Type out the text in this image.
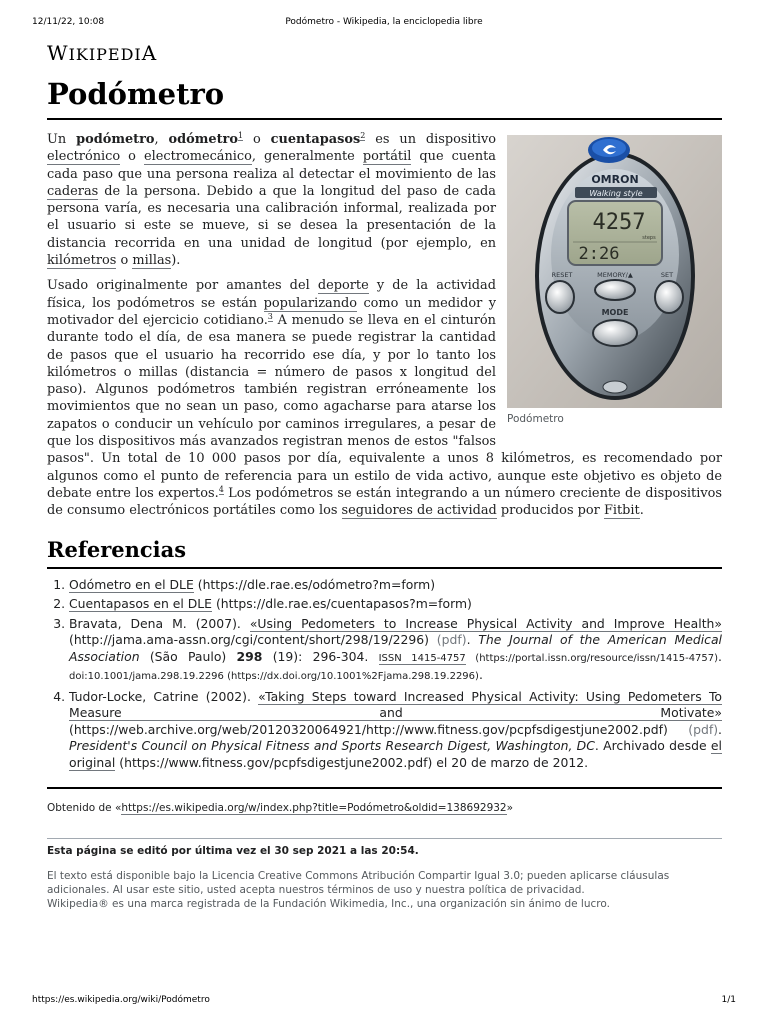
12/11/22, 10:08	Podómetro - Wikipedia, la enciclopedia libre
WIKIPEDIA
Podómetro
OMRON
Walking style
4257
steps
2:26
RESET	MEMORY/▲	SET
MODE
Podómetro

Un podómetro, odómetro$^1$ o cuentapasos$^2$ es un dispositivo electrónico o electromecánico, generalmente portátil que cuenta cada paso que una persona realiza al detectar el movimiento de las caderas de la persona. Debido a que la longitud del paso de cada persona varía, es necesaria una calibración informal, realizada por el usuario si este se mueve, si se desea la presentación de la distancia recorrida en una unidad de longitud (por ejemplo, en kilómetros o millas).

Usado originalmente por amantes del deporte y de la actividad física, los podómetros se están popularizando como un medidor y motivador del ejercicio cotidiano.$^3$ A menudo se lleva en el cinturón durante todo el día, de esa manera se puede registrar la cantidad de pasos que el usuario ha recorrido ese día, y por lo tanto los kilómetros o millas (distancia = número de pasos x longitud del paso). Algunos podómetros también registran erróneamente los movimientos que no sean un paso, como agacharse para atarse los zapatos o conducir un vehículo por caminos irregulares, a pesar de que los dispositivos más avanzados registran menos de estos "falsos pasos". Un total de 10 000 pasos por día, equivalente a unos 8 kilómetros, es recomendado por algunos como el punto de referencia para un estilo de vida activo, aunque este objetivo es objeto de debate entre los expertos.$^4$ Los podómetros se están integrando a un número creciente de dispositivos de consumo electrónicos portátiles como los seguidores de actividad producidos por Fitbit.

Referencias
1. Odómetro en el DLE (https://dle.rae.es/odómetro?m=form)
2. Cuentapasos en el DLE (https://dle.rae.es/cuentapasos?m=form)
3. Bravata, Dena M. (2007). «Using Pedometers to Increase Physical Activity and Improve Health» (http://jama.ama-assn.org/cgi/content/short/298/19/2296) (pdf). The Journal of the American Medical Association (São Paulo) 298 (19): 296-304. ISSN 1415-4757 (https://portal.issn.org/resource/issn/1415-4757). doi:10.1001/jama.298.19.2296 (https://dx.doi.org/10.1001%2Fjama.298.19.2296).
4. Tudor-Locke, Catrine (2002). «Taking Steps toward Increased Physical Activity: Using Pedometers To Measure and Motivate» (https://web.archive.org/web/20120320064921/http://www.fitness.gov/pcpfsdigestjune2002.pdf) (pdf). President's Council on Physical Fitness and Sports Research Digest, Washington, DC. Archivado desde el original (https://www.fitness.gov/pcpfsdigestjune2002.pdf) el 20 de marzo de 2012.
Obtenido de «https://es.wikipedia.org/w/index.php?title=Podómetro&oldid=138692932»
Esta página se editó por última vez el 30 sep 2021 a las 20:54.

El texto está disponible bajo la Licencia Creative Commons Atribución Compartir Igual 3.0; pueden aplicarse cláusulas adicionales. Al usar este sitio, usted acepta nuestros términos de uso y nuestra política de privacidad.

Wikipedia® es una marca registrada de la Fundación Wikimedia, Inc., una organización sin ánimo de lucro.

https://es.wikipedia.org/wiki/Podómetro	1/1
